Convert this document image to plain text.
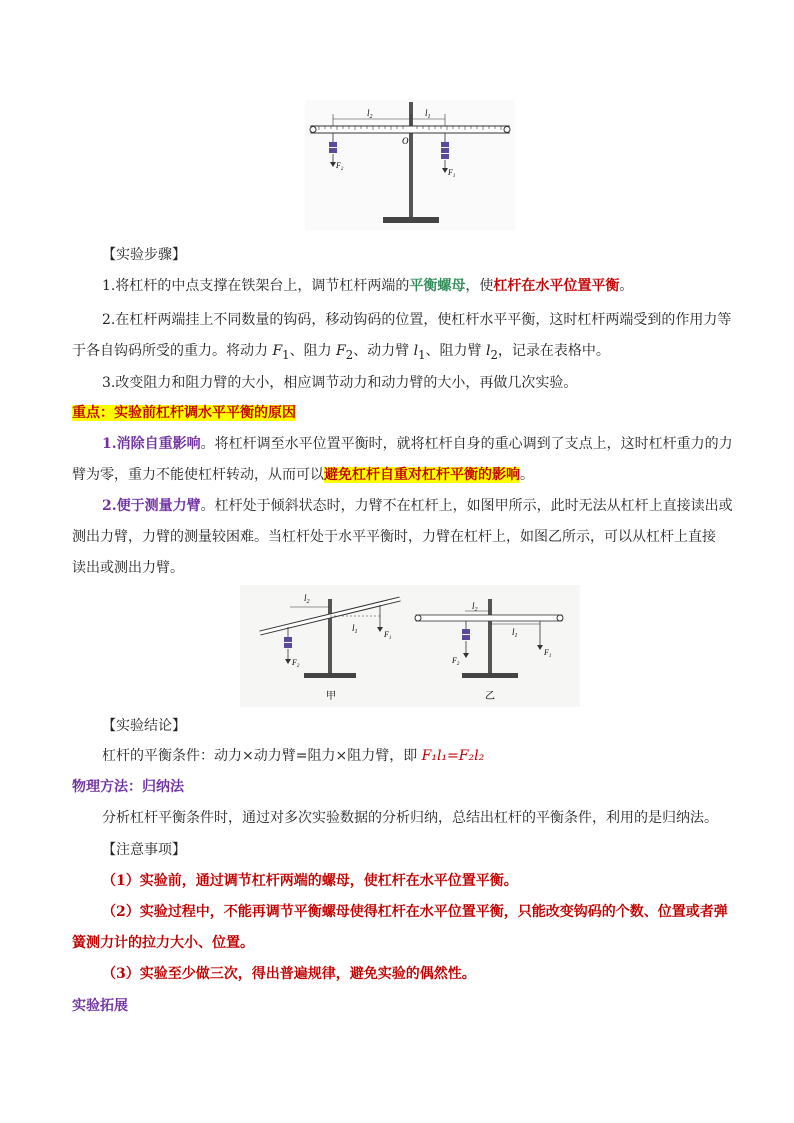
$l_2$	$l_1$
O
$F_2$	$F_1$
【实验步骤】
1.将杠杆的中点支撑在铁架台上，调节杠杆两端的平衡螺母，使杠杆在水平位置平衡。
2.在杠杆两端挂上不同数量的钩码，移动钩码的位置，使杠杆水平平衡，这时杠杆两端受到的作用力等
于各自钩码所受的重力。将动力 $F_1$、阻力 $F_2$、动力臂 $l_1$、阻力臂 $l_2$，记录在表格中。
3.改变阻力和阻力臂的大小，相应调节动力和动力臂的大小，再做几次实验。
重点：实验前杠杆调水平平衡的原因
1.消除自重影响。将杠杆调至水平位置平衡时，就将杠杆自身的重心调到了支点上，这时杠杆重力的力
臂为零，重力不能使杠杆转动，从而可以避免杠杆自重对杠杆平衡的影响。
2.便于测量力臂。杠杆处于倾斜状态时，力臂不在杠杆上，如图甲所示，此时无法从杠杆上直接读出或
测出力臂，力臂的测量较困难。当杠杆处于水平平衡时，力臂在杠杆上，如图乙所示，可以从杠杆上直接
读出或测出力臂。
$l_2$
$l_1$
$F_2$
$F_1$
甲
$l_2$
$l_1$
$F_2$
$F_1$
乙
【实验结论】
杠杆的平衡条件：动力×动力臂=阻力×阻力臂，即 F₁l₁=F₂l₂
物理方法：归纳法
分析杠杆平衡条件时，通过对多次实验数据的分析归纳，总结出杠杆的平衡条件，利用的是归纳法。
【注意事项】
（1）实验前，通过调节杠杆两端的螺母，使杠杆在水平位置平衡。
（2）实验过程中，不能再调节平衡螺母使得杠杆在水平位置平衡，只能改变钩码的个数、位置或者弹
簧测力计的拉力大小、位置。
（3）实验至少做三次，得出普遍规律，避免实验的偶然性。
实验拓展
